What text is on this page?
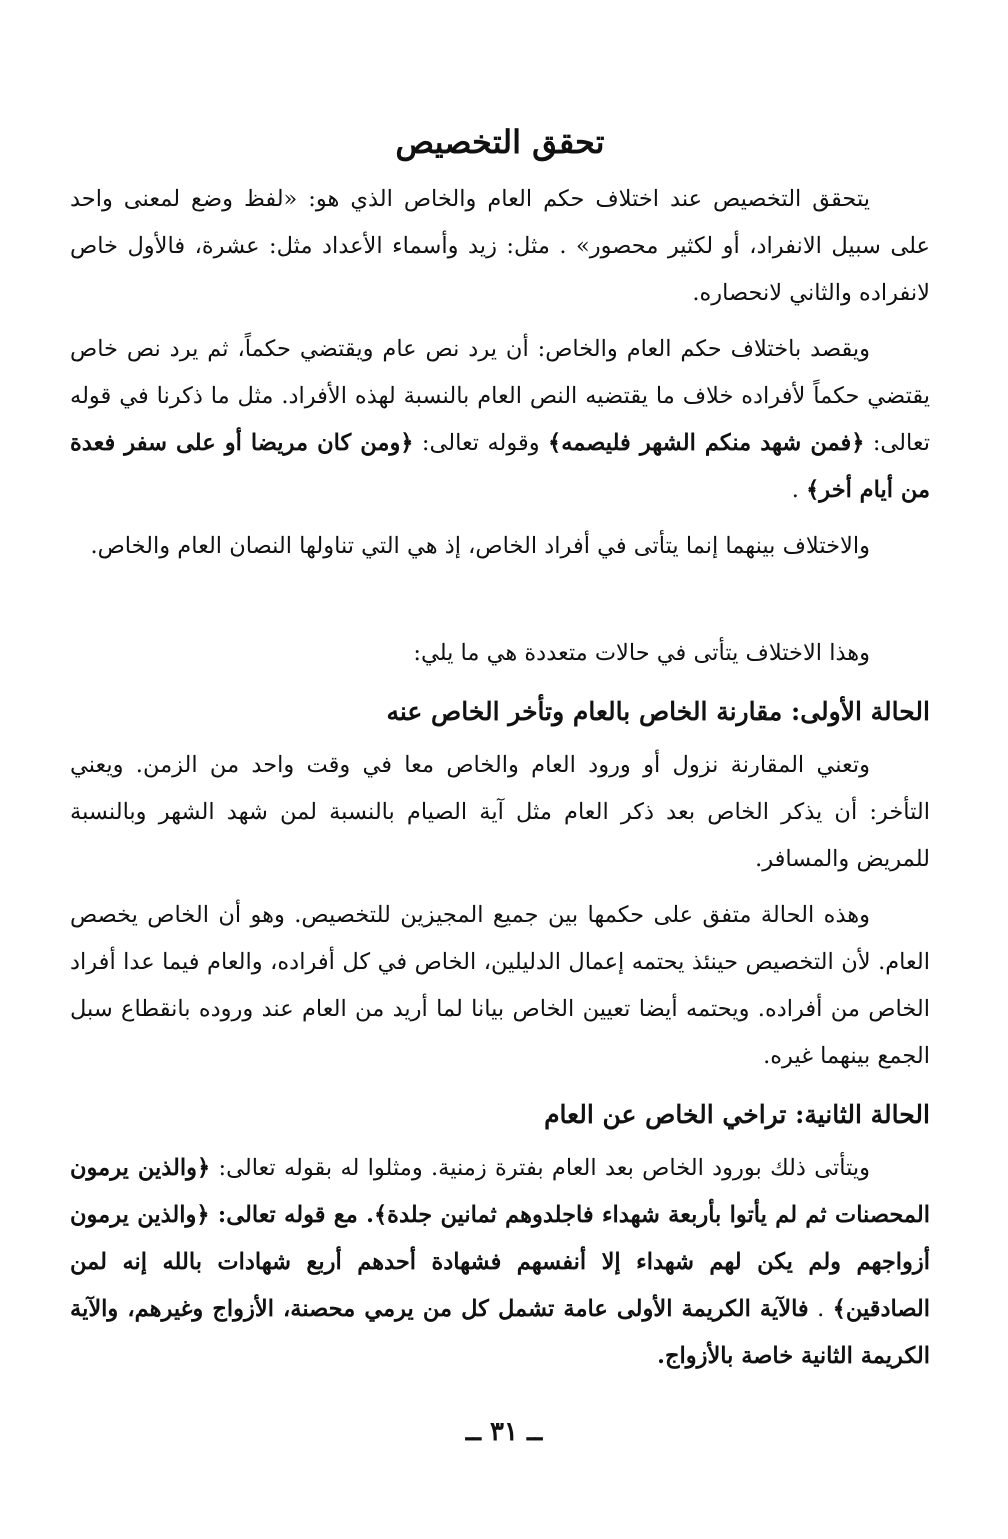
تحقق التخصيص

يتحقق التخصيص عند اختلاف حكم العام والخاص الذي هو: «لفظ وضع لمعنى واحد على سبيل الانفراد، أو لكثير محصور» . مثل: زيد وأسماء الأعداد مثل: عشرة، فالأول خاص لانفراده والثاني لانحصاره.

ويقصد باختلاف حكم العام والخاص: أن يرد نص عام ويقتضي حكماً، ثم يرد نص خاص يقتضي حكماً لأفراده خلاف ما يقتضيه النص العام بالنسبة لهذه الأفراد. مثل ما ذكرنا في قوله تعالى: ﴿فمن شهد منكم الشهر فليصمه﴾ وقوله تعالى: ﴿ومن كان مريضا أو على سفر فعدة من أيام أخر﴾ .

والاختلاف بينهما إنما يتأتى في أفراد الخاص، إذ هي التي تناولها النصان العام والخاص.

وهذا الاختلاف يتأتى في حالات متعددة هي ما يلي:

الحالة الأولى: مقارنة الخاص بالعام وتأخر الخاص عنه

وتعني المقارنة نزول أو ورود العام والخاص معا في وقت واحد من الزمن. ويعني التأخر: أن يذكر الخاص بعد ذكر العام مثل آية الصيام بالنسبة لمن شهد الشهر وبالنسبة للمريض والمسافر.

وهذه الحالة متفق على حكمها بين جميع المجيزين للتخصيص. وهو أن الخاص يخصص العام. لأن التخصيص حينئذ يحتمه إعمال الدليلين، الخاص في كل أفراده، والعام فيما عدا أفراد الخاص من أفراده. ويحتمه أيضا تعيين الخاص بيانا لما أريد من العام عند وروده بانقطاع سبل الجمع بينهما غيره.

الحالة الثانية: تراخي الخاص عن العام

ويتأتى ذلك بورود الخاص بعد العام بفترة زمنية. ومثلوا له بقوله تعالى: ﴿والذين يرمون المحصنات ثم لم يأتوا بأربعة شهداء فاجلدوهم ثمانين جلدة﴾. مع قوله تعالى: ﴿والذين يرمون أزواجهم ولم يكن لهم شهداء إلا أنفسهم فشهادة أحدهم أربع شهادات بالله إنه لمن الصادقين﴾ . فالآية الكريمة الأولى عامة تشمل كل من يرمي محصنة، الأزواج وغيرهم، والآية الكريمة الثانية خاصة بالأزواج.

ــ ٣١ ــ
